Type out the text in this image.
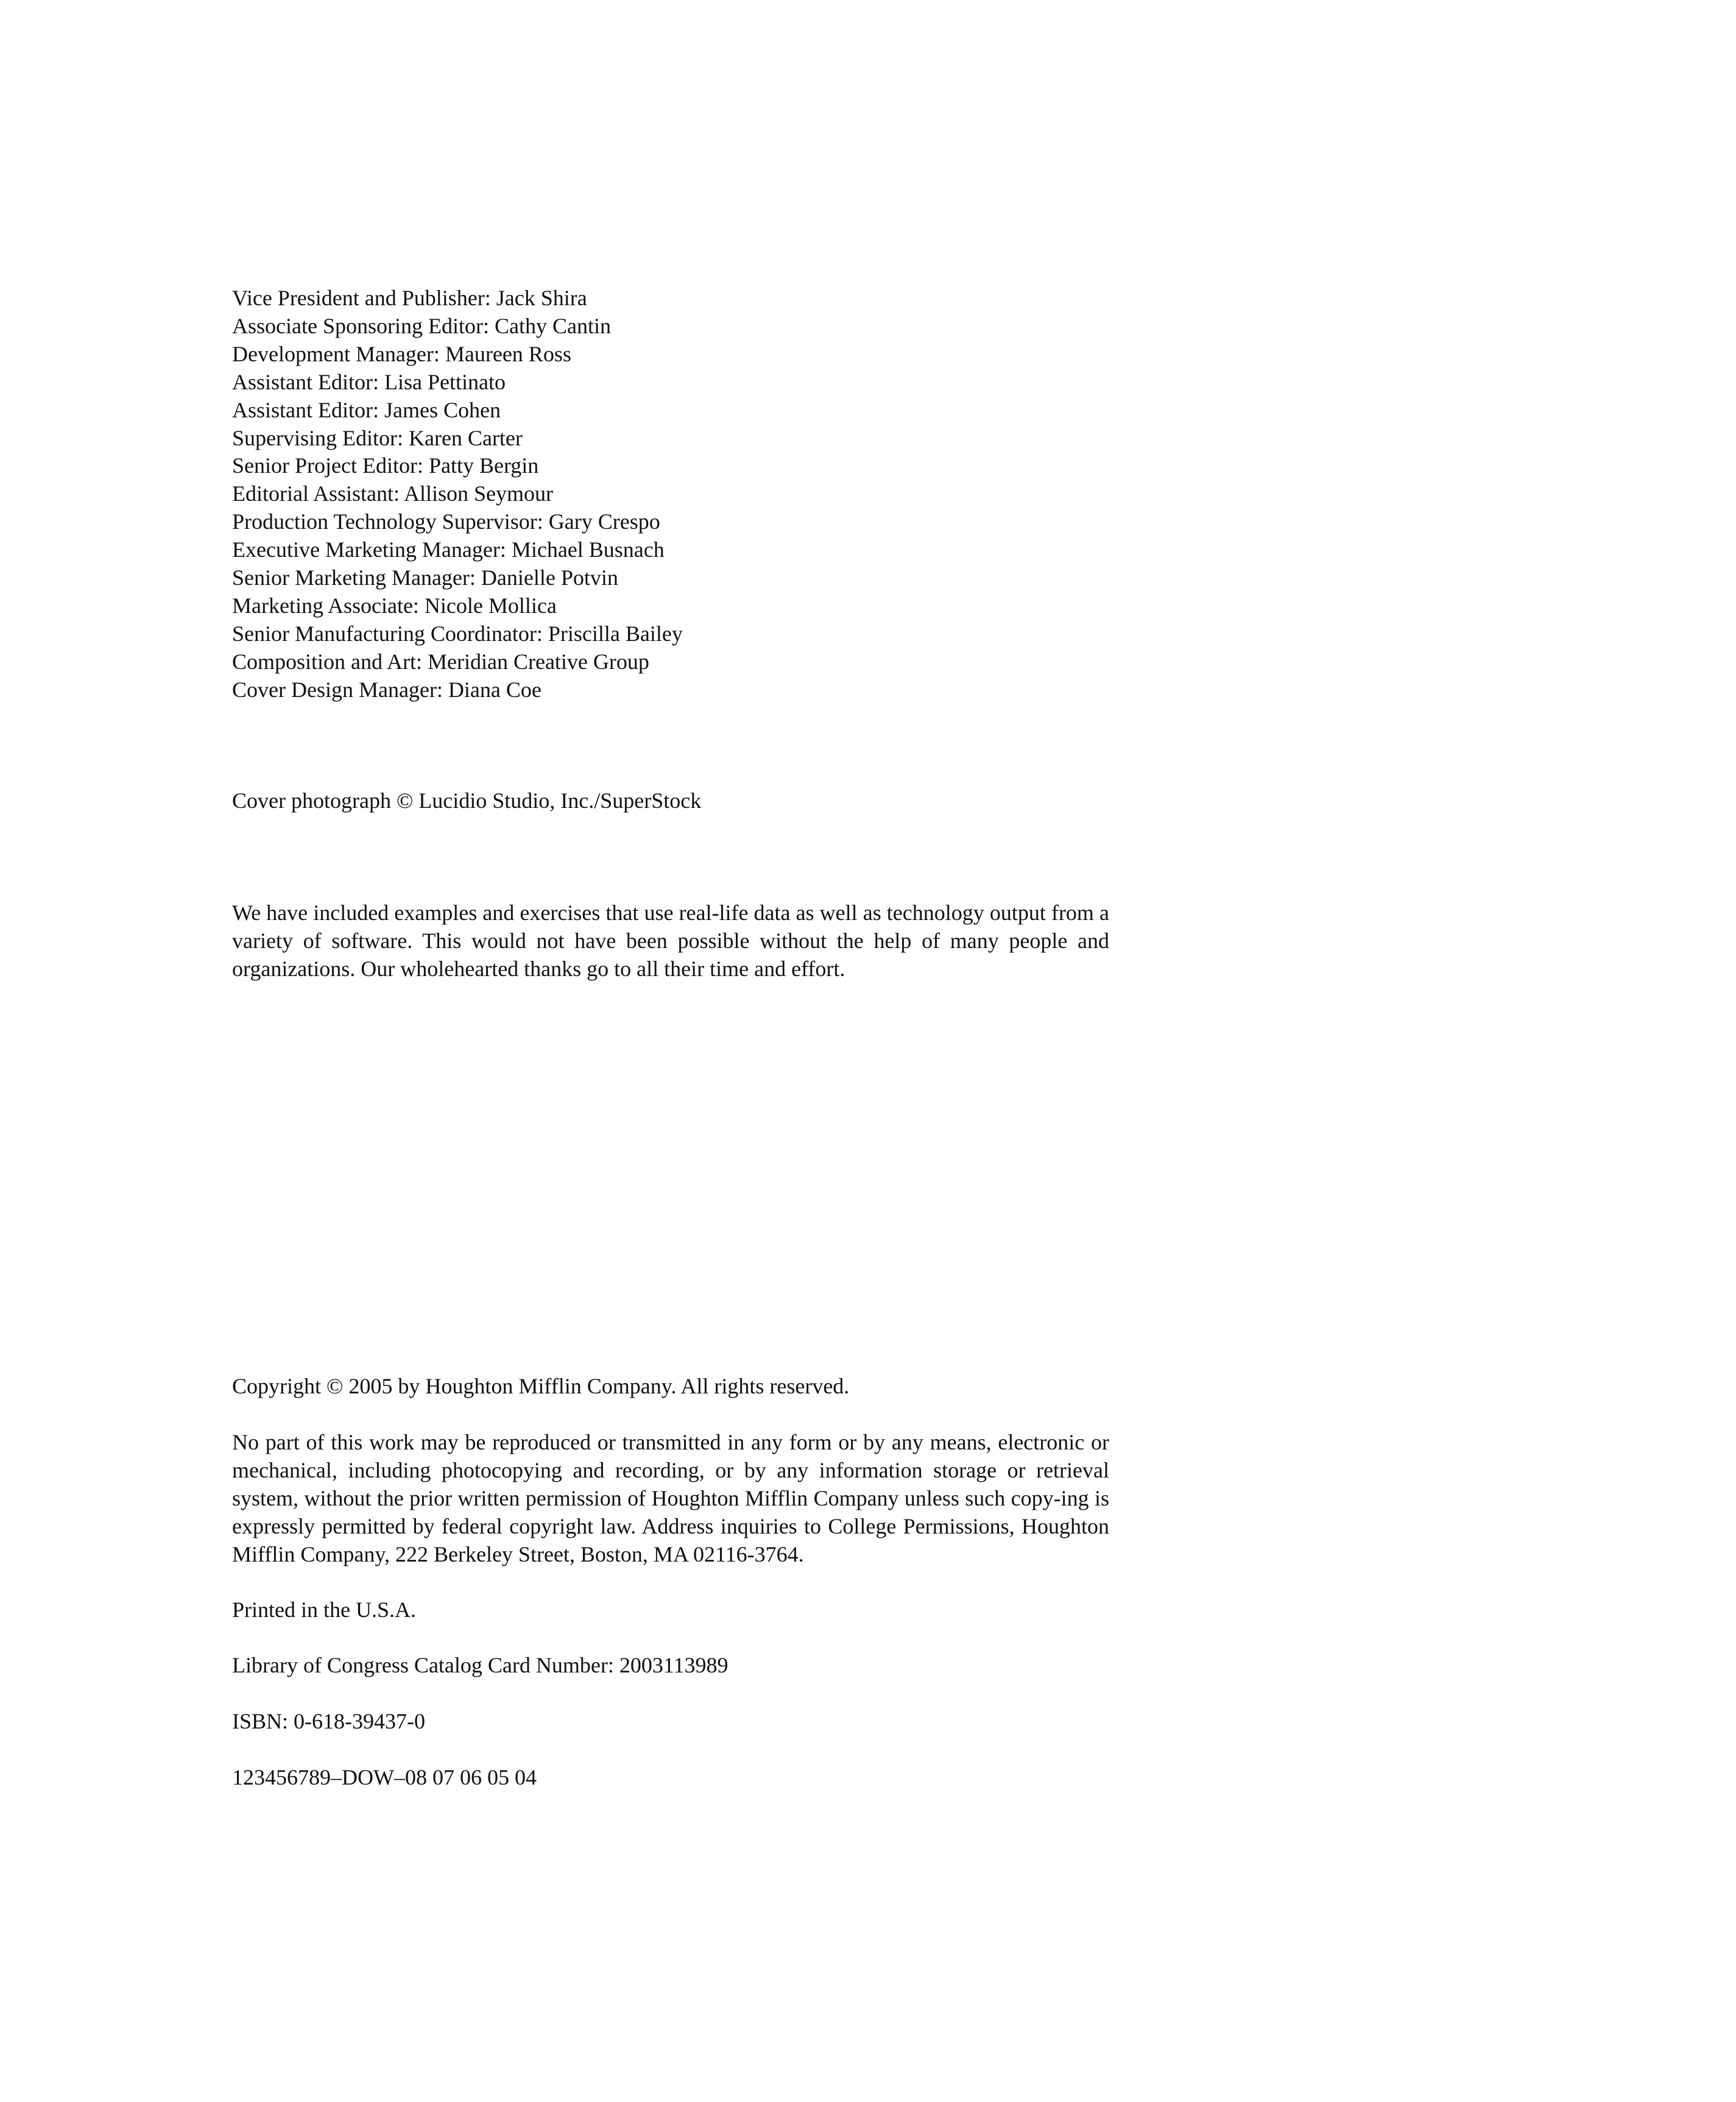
Vice President and Publisher: Jack Shira
Associate Sponsoring Editor: Cathy Cantin
Development Manager: Maureen Ross
Assistant Editor: Lisa Pettinato
Assistant Editor: James Cohen
Supervising Editor: Karen Carter
Senior Project Editor: Patty Bergin
Editorial Assistant: Allison Seymour
Production Technology Supervisor: Gary Crespo
Executive Marketing Manager: Michael Busnach
Senior Marketing Manager: Danielle Potvin
Marketing Associate: Nicole Mollica
Senior Manufacturing Coordinator: Priscilla Bailey
Composition and Art: Meridian Creative Group
Cover Design Manager: Diana Coe

Cover photograph © Lucidio Studio, Inc./SuperStock

We have included examples and exercises that use real-life data as well as technology output from a variety of software. This would not have been possible without the help of many people and organizations. Our wholehearted thanks go to all their time and effort.

Copyright © 2005 by Houghton Mifflin Company. All rights reserved.

No part of this work may be reproduced or transmitted in any form or by any means, electronic or mechanical, including photocopying and recording, or by any information storage or retrieval system, without the prior written permission of Houghton Mifflin Company unless such copy-ing is expressly permitted by federal copyright law. Address inquiries to College Permissions, Houghton Mifflin Company, 222 Berkeley Street, Boston, MA 02116-3764.

Printed in the U.S.A.

Library of Congress Catalog Card Number: 2003113989

ISBN: 0-618-39437-0

123456789–DOW–08 07 06 05 04
